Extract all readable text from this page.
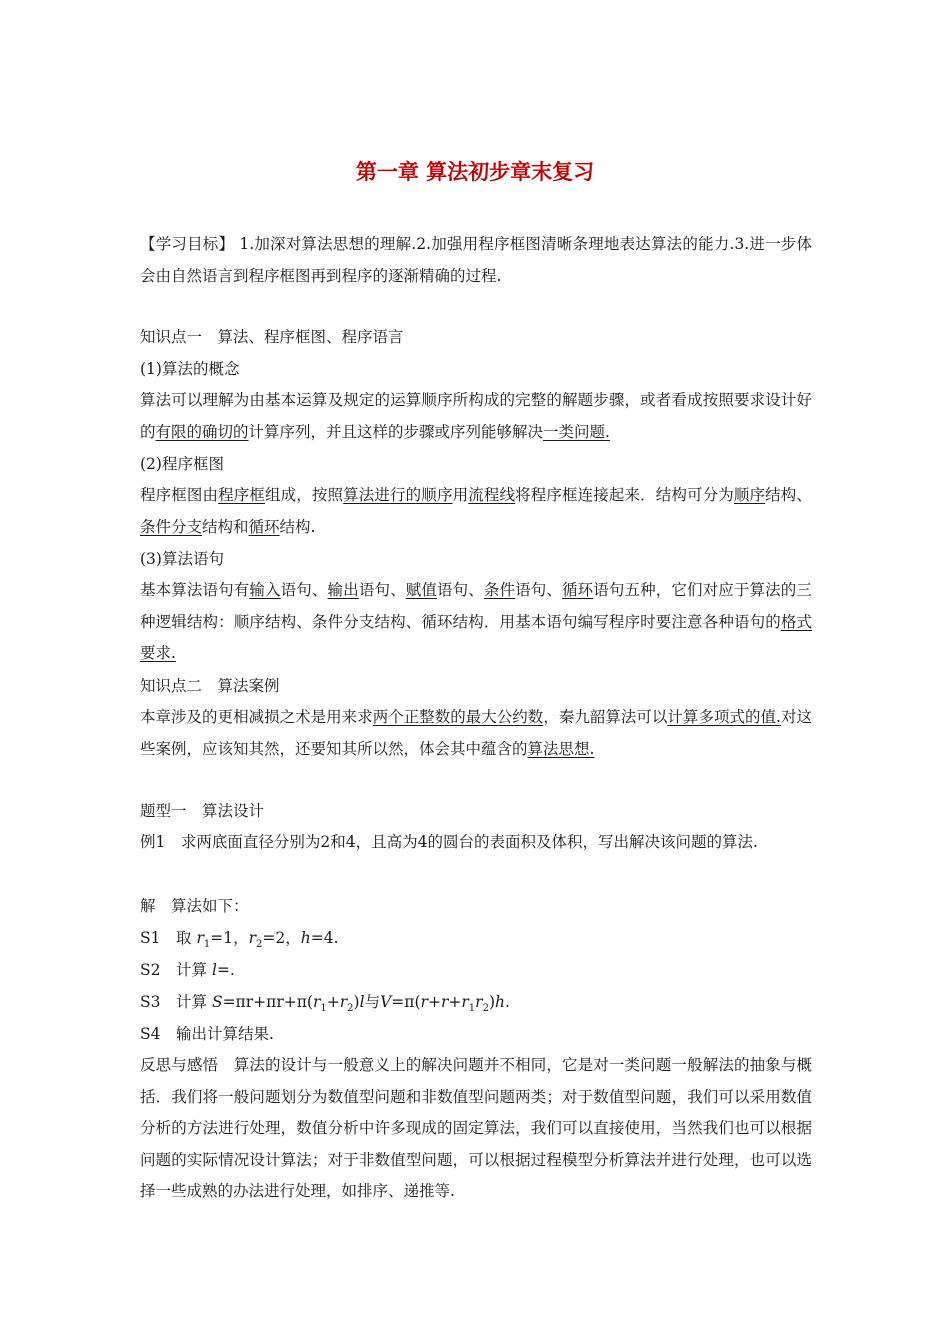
第一章 算法初步章末复习
【学习目标】 1.加深对算法思想的理解.2.加强用程序框图清晰条理地表达算法的能力.3.进一步体会由自然语言到程序框图再到程序的逐渐精确的过程.
知识点一　算法、程序框图、程序语言
(1)算法的概念
算法可以理解为由基本运算及规定的运算顺序所构成的完整的解题步骤，或者看成按照要求设计好的有限的确切的计算序列，并且这样的步骤或序列能够解决一类问题.
(2)程序框图
程序框图由程序框组成，按照算法进行的顺序用流程线将程序框连接起来．结构可分为顺序结构、条件分支结构和循环结构.
(3)算法语句
基本算法语句有输入语句、输出语句、赋值语句、条件语句、循环语句五种，它们对应于算法的三种逻辑结构：顺序结构、条件分支结构、循环结构．用基本语句编写程序时要注意各种语句的格式要求.
知识点二　算法案例
本章涉及的更相减损之术是用来求两个正整数的最大公约数，秦九韶算法可以计算多项式的值.对这些案例，应该知其然，还要知其所以然，体会其中蕴含的算法思想.
题型一　算法设计
例1 求两底面直径分别为2和4，且高为4的圆台的表面积及体积，写出解决该问题的算法.
解 算法如下：
S1 取 $r_1=1$，$r_2=2$，h=4.
S2 计算 l=.
S3 计算 $S=\pi r+\pi r+\pi(r_1+r_2)l$与$V=\pi(r+r+r_1r_2)h$.
S4 输出计算结果.
反思与感悟 算法的设计与一般意义上的解决问题并不相同，它是对一类问题一般解法的抽象与概括．我们将一般问题划分为数值型问题和非数值型问题两类；对于数值型问题，我们可以采用数值分析的方法进行处理，数值分析中许多现成的固定算法，我们可以直接使用，当然我们也可以根据问题的实际情况设计算法；对于非数值型问题，可以根据过程模型分析算法并进行处理，也可以选择一些成熟的办法进行处理，如排序、递推等.
